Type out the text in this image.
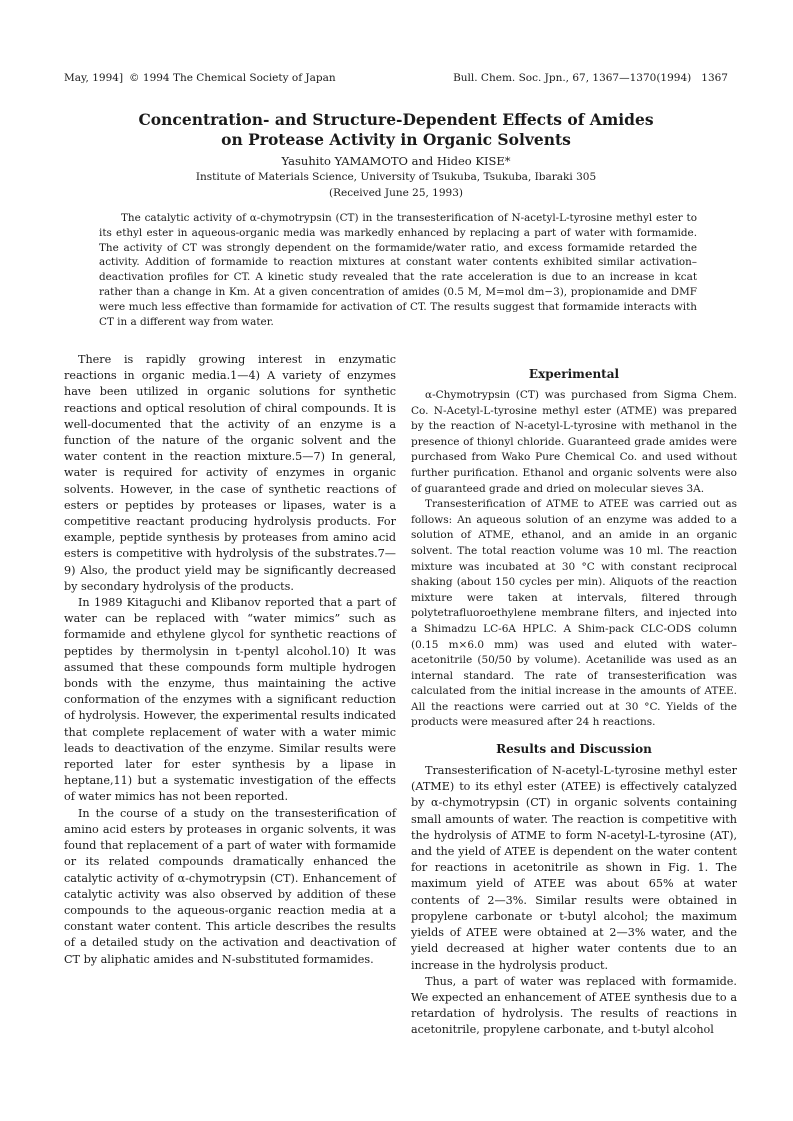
May, 1994] © 1994 The Chemical Society of Japan	Bull. Chem. Soc. Jpn., 67, 1367—1370(1994) 1367
Concentration- and Structure-Dependent Effects of Amides
on Protease Activity in Organic Solvents
Yasuhito YAMAMOTO and Hideo KISE*
Institute of Materials Science, University of Tsukuba, Tsukuba, Ibaraki 305
(Received June 25, 1993)

The catalytic activity of α-chymotrypsin (CT) in the transesterification of N-acetyl-L-tyrosine methyl ester to its ethyl ester in aqueous-organic media was markedly enhanced by replacing a part of water with formamide. The activity of CT was strongly dependent on the formamide/water ratio, and excess formamide retarded the activity. Addition of formamide to reaction mixtures at constant water contents exhibited similar activation–deactivation profiles for CT. A kinetic study revealed that the rate acceleration is due to an increase in kcat rather than a change in Km. At a given concentration of amides (0.5 M, M=mol dm−3), propionamide and DMF were much less effective than formamide for activation of CT. The results suggest that formamide interacts with CT in a different way from water.

There is rapidly growing interest in enzymatic reactions in organic media.1—4) A variety of enzymes have been utilized in organic solutions for synthetic reactions and optical resolution of chiral compounds. It is well-documented that the activity of an enzyme is a function of the nature of the organic solvent and the water content in the reaction mixture.5—7) In general, water is required for activity of enzymes in organic solvents. However, in the case of synthetic reactions of esters or peptides by proteases or lipases, water is a competitive reactant producing hydrolysis products. For example, peptide synthesis by proteases from amino acid esters is competitive with hydrolysis of the substrates.7—9) Also, the product yield may be significantly decreased by secondary hydrolysis of the products.

In 1989 Kitaguchi and Klibanov reported that a part of water can be replaced with “water mimics” such as formamide and ethylene glycol for synthetic reactions of peptides by thermolysin in t-pentyl alcohol.10) It was assumed that these compounds form multiple hydrogen bonds with the enzyme, thus maintaining the active conformation of the enzymes with a significant reduction of hydrolysis. However, the experimental results indicated that complete replacement of water with a water mimic leads to deactivation of the enzyme. Similar results were reported later for ester synthesis by a lipase in heptane,11) but a systematic investigation of the effects of water mimics has not been reported.

In the course of a study on the transesterification of amino acid esters by proteases in organic solvents, it was found that replacement of a part of water with formamide or its related compounds dramatically enhanced the catalytic activity of α-chymotrypsin (CT). Enhancement of catalytic activity was also observed by addition of these compounds to the aqueous-organic reaction media at a constant water content. This article describes the results of a detailed study on the activation and deactivation of CT by aliphatic amides and N-substituted formamides.

Experimental

α-Chymotrypsin (CT) was purchased from Sigma Chem. Co. N-Acetyl-L-tyrosine methyl ester (ATME) was prepared by the reaction of N-acetyl-L-tyrosine with methanol in the presence of thionyl chloride. Guaranteed grade amides were purchased from Wako Pure Chemical Co. and used without further purification. Ethanol and organic solvents were also of guaranteed grade and dried on molecular sieves 3A.

Transesterification of ATME to ATEE was carried out as follows: An aqueous solution of an enzyme was added to a solution of ATME, ethanol, and an amide in an organic solvent. The total reaction volume was 10 ml. The reaction mixture was incubated at 30 °C with constant reciprocal shaking (about 150 cycles per min). Aliquots of the reaction mixture were taken at intervals, filtered through polytetrafluoroethylene membrane filters, and injected into a Shimadzu LC-6A HPLC. A Shim-pack CLC-ODS column (0.15 m×6.0 mm) was used and eluted with water–acetonitrile (50/50 by volume). Acetanilide was used as an internal standard. The rate of transesterification was calculated from the initial increase in the amounts of ATEE. All the reactions were carried out at 30 °C. Yields of the products were measured after 24 h reactions.

Results and Discussion

Transesterification of N-acetyl-L-tyrosine methyl ester (ATME) to its ethyl ester (ATEE) is effectively catalyzed by α-chymotrypsin (CT) in organic solvents containing small amounts of water. The reaction is competitive with the hydrolysis of ATME to form N-acetyl-L-tyrosine (AT), and the yield of ATEE is dependent on the water content for reactions in acetonitrile as shown in Fig. 1. The maximum yield of ATEE was about 65% at water contents of 2—3%. Similar results were obtained in propylene carbonate or t-butyl alcohol; the maximum yields of ATEE were obtained at 2—3% water, and the yield decreased at higher water contents due to an increase in the hydrolysis product.

Thus, a part of water was replaced with formamide. We expected an enhancement of ATEE synthesis due to a retardation of hydrolysis. The results of reactions in acetonitrile, propylene carbonate, and t-butyl alcohol
